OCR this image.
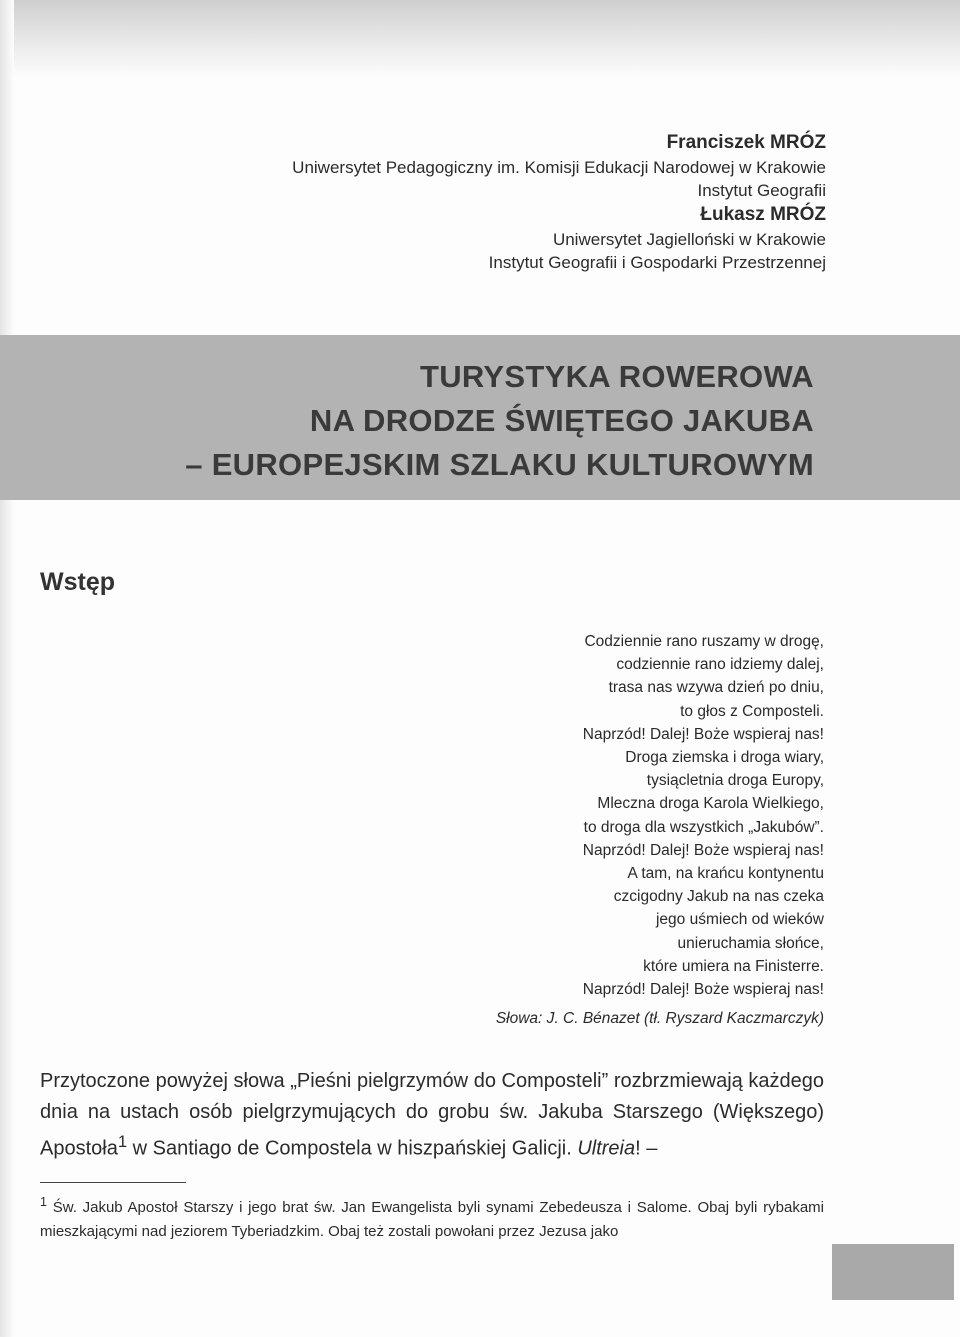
Franciszek MRÓZ
Uniwersytet Pedagogiczny im. Komisji Edukacji Narodowej w Krakowie
Instytut Geografii
Łukasz MRÓZ
Uniwersytet Jagielloński w Krakowie
Instytut Geografii i Gospodarki Przestrzennej
TURYSTYKA ROWEROWA
NA DRODZE ŚWIĘTEGO JAKUBA
– EUROPEJSKIM SZLAKU KULTUROWYM
Wstęp
Codziennie rano ruszamy w drogę,
codziennie rano idziemy dalej,
trasa nas wzywa dzień po dniu,
to głos z Composteli.
Naprzód! Dalej! Boże wspieraj nas!
Droga ziemska i droga wiary,
tysiącletnia droga Europy,
Mleczna droga Karola Wielkiego,
to droga dla wszystkich „Jakubów”.
Naprzód! Dalej! Boże wspieraj nas!
A tam, na krańcu kontynentu
czcigodny Jakub na nas czeka
jego uśmiech od wieków
unieruchamia słońce,
które umiera na Finisterre.
Naprzód! Dalej! Boże wspieraj nas!
Słowa: J. C. Bénazet (tł. Ryszard Kaczmarczyk)
Przytoczone powyżej słowa „Pieśni pielgrzymów do Composteli” rozbrzmiewają każdego dnia na ustach osób pielgrzymujących do grobu św. Jakuba Starszego (Większego) Apostoła$^1$ w Santiago de Compostela w hiszpańskiej Galicji. Ultreia! –
$^1$ Św. Jakub Apostoł Starszy i jego brat św. Jan Ewangelista byli synami Zebedeusza i Salome. Obaj byli rybakami mieszkającymi nad jeziorem Tyberiadzkim. Obaj też zostali powołani przez Jezusa jako
